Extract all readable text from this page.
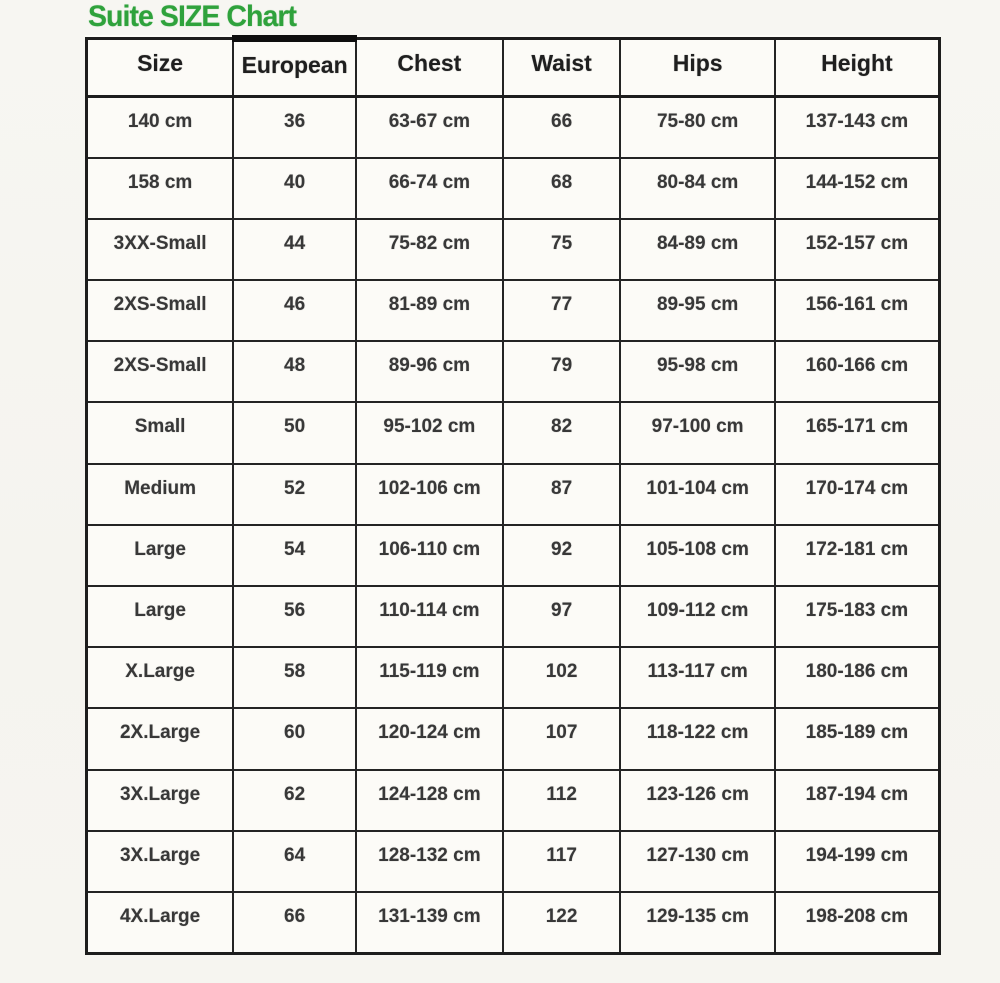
Suite SIZE Chart
Size	European	Chest	Waist	Hips	Height
140 cm	36	63-67 cm	66	75-80 cm	137-143 cm
158 cm	40	66-74 cm	68	80-84 cm	144-152 cm
3XX-Small	44	75-82 cm	75	84-89 cm	152-157 cm
2XS-Small	46	81-89 cm	77	89-95 cm	156-161 cm
2XS-Small	48	89-96 cm	79	95-98 cm	160-166 cm
Small	50	95-102 cm	82	97-100 cm	165-171 cm
Medium	52	102-106 cm	87	101-104 cm	170-174 cm
Large	54	106-110 cm	92	105-108 cm	172-181 cm
Large	56	110-114 cm	97	109-112 cm	175-183 cm
X.Large	58	115-119 cm	102	113-117 cm	180-186 cm
2X.Large	60	120-124 cm	107	118-122 cm	185-189 cm
3X.Large	62	124-128 cm	112	123-126 cm	187-194 cm
3X.Large	64	128-132 cm	117	127-130 cm	194-199 cm
4X.Large	66	131-139 cm	122	129-135 cm	198-208 cm
